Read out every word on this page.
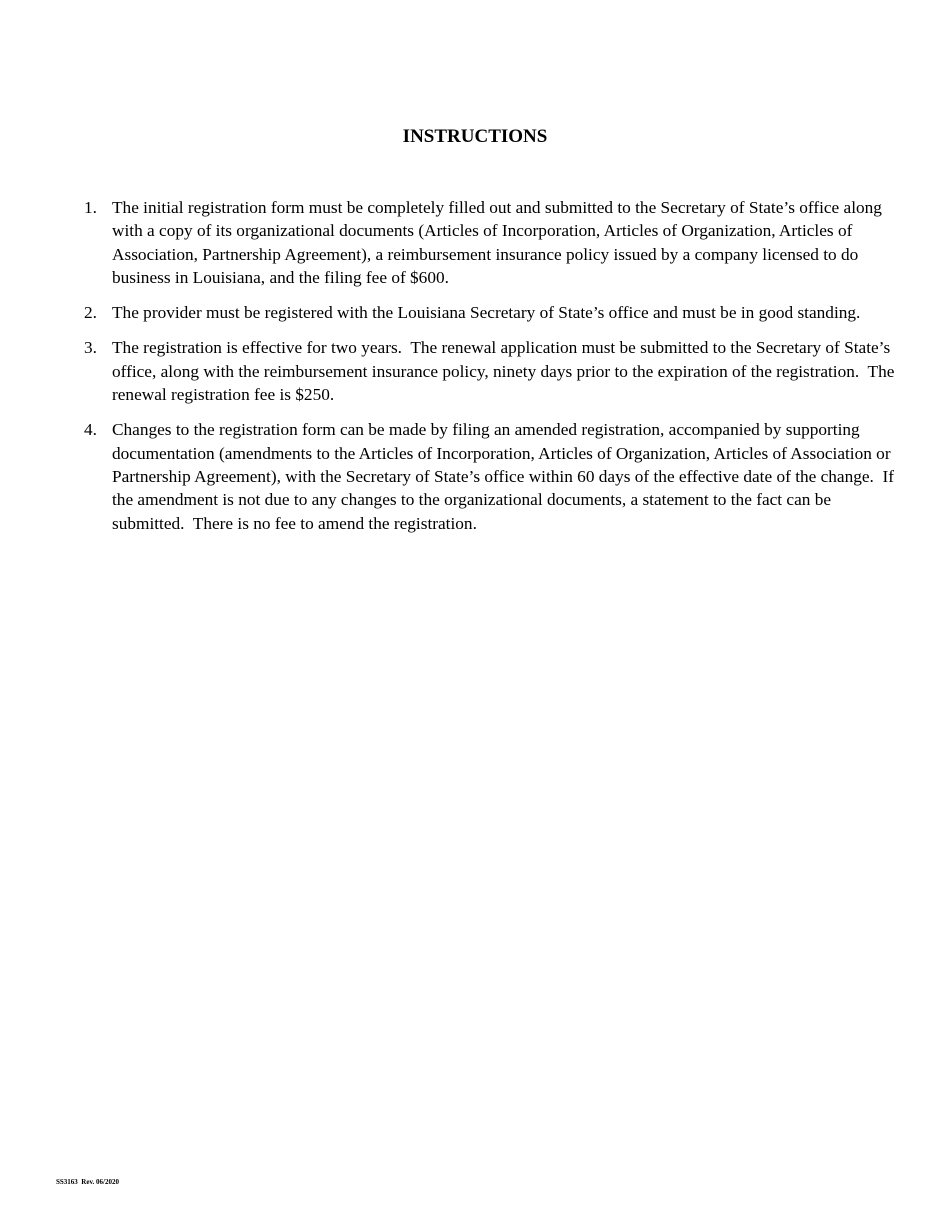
INSTRUCTIONS
1. The initial registration form must be completely filled out and submitted to the Secretary of State’s office along with a copy of its organizational documents (Articles of Incorporation, Articles of Organization, Articles of Association, Partnership Agreement), a reimbursement insurance policy issued by a company licensed to do business in Louisiana, and the filing fee of $600.
2. The provider must be registered with the Louisiana Secretary of State’s office and must be in good standing.
3. The registration is effective for two years.  The renewal application must be submitted to the Secretary of State’s office, along with the reimbursement insurance policy, ninety days prior to the expiration of the registration.  The renewal registration fee is $250.
4. Changes to the registration form can be made by filing an amended registration, accompanied by supporting documentation (amendments to the Articles of Incorporation, Articles of Organization, Articles of Association or Partnership Agreement), with the Secretary of State’s office within 60 days of the effective date of the change.  If the amendment is not due to any changes to the organizational documents, a statement to the fact can be submitted.  There is no fee to amend the registration.
SS3163  Rev. 06/2020
